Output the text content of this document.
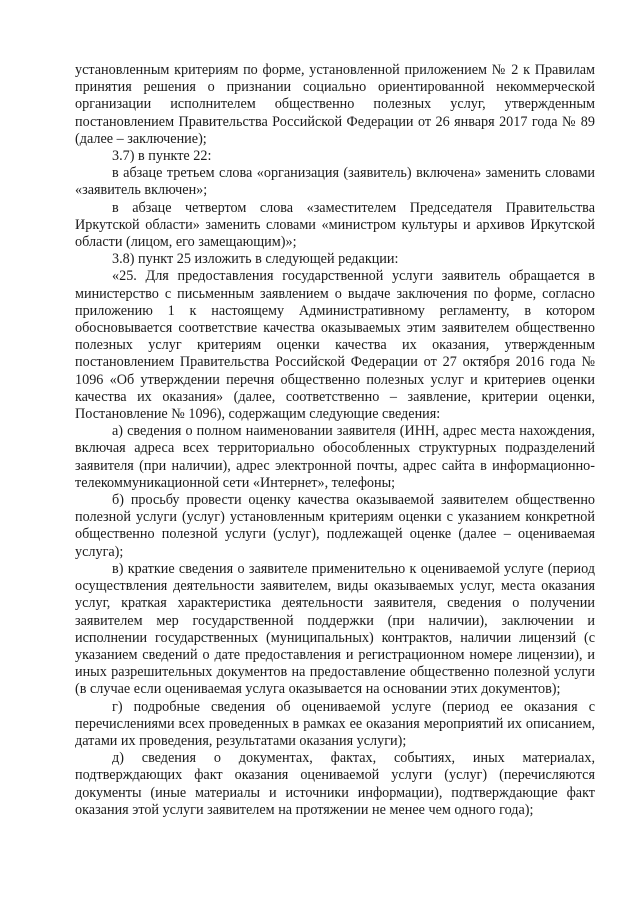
установленным критериям по форме, установленной приложением № 2 к Правилам принятия решения о признании социально ориентированной некоммерческой организации исполнителем общественно полезных услуг, утвержденным постановлением Правительства Российской Федерации от 26 января 2017 года № 89 (далее – заключение);

3.7) в пункте 22:

в абзаце третьем слова «организация (заявитель) включена» заменить словами «заявитель включен»;

в абзаце четвертом слова «заместителем Председателя Правительства Иркутской области» заменить словами «министром культуры и архивов Иркутской области (лицом, его замещающим)»;

3.8) пункт 25 изложить в следующей редакции:

«25. Для предоставления государственной услуги заявитель обращается в министерство с письменным заявлением о выдаче заключения по форме, согласно приложению 1 к настоящему Административному регламенту, в котором обосновывается соответствие качества оказываемых этим заявителем общественно полезных услуг критериям оценки качества их оказания, утвержденным постановлением Правительства Российской Федерации от 27 октября 2016 года № 1096 «Об утверждении перечня общественно полезных услуг и критериев оценки качества их оказания» (далее, соответственно – заявление, критерии оценки, Постановление № 1096), содержащим следующие сведения:

а) сведения о полном наименовании заявителя (ИНН, адрес места нахождения, включая адреса всех территориально обособленных структурных подразделений заявителя (при наличии), адрес электронной почты, адрес сайта в информационно-телекоммуникационной сети «Интернет», телефоны;

б) просьбу провести оценку качества оказываемой заявителем общественно полезной услуги (услуг) установленным критериям оценки с указанием конкретной общественно полезной услуги (услуг), подлежащей оценке (далее – оцениваемая услуга);

в) краткие сведения о заявителе применительно к оцениваемой услуге (период осуществления деятельности заявителем, виды оказываемых услуг, места оказания услуг, краткая характеристика деятельности заявителя, сведения о получении заявителем мер государственной поддержки (при наличии), заключении и исполнении государственных (муниципальных) контрактов, наличии лицензий (с указанием сведений о дате предоставления и регистрационном номере лицензии), и иных разрешительных документов на предоставление общественно полезной услуги (в случае если оцениваемая услуга оказывается на основании этих документов);

г) подробные сведения об оцениваемой услуге (период ее оказания с перечислениями всех проведенных в рамках ее оказания мероприятий их описанием, датами их проведения, результатами оказания услуги);

д) сведения о документах, фактах, событиях, иных материалах, подтверждающих факт оказания оцениваемой услуги (услуг) (перечисляются документы (иные материалы и источники информации), подтверждающие факт оказания этой услуги заявителем на протяжении не менее чем одного года);
